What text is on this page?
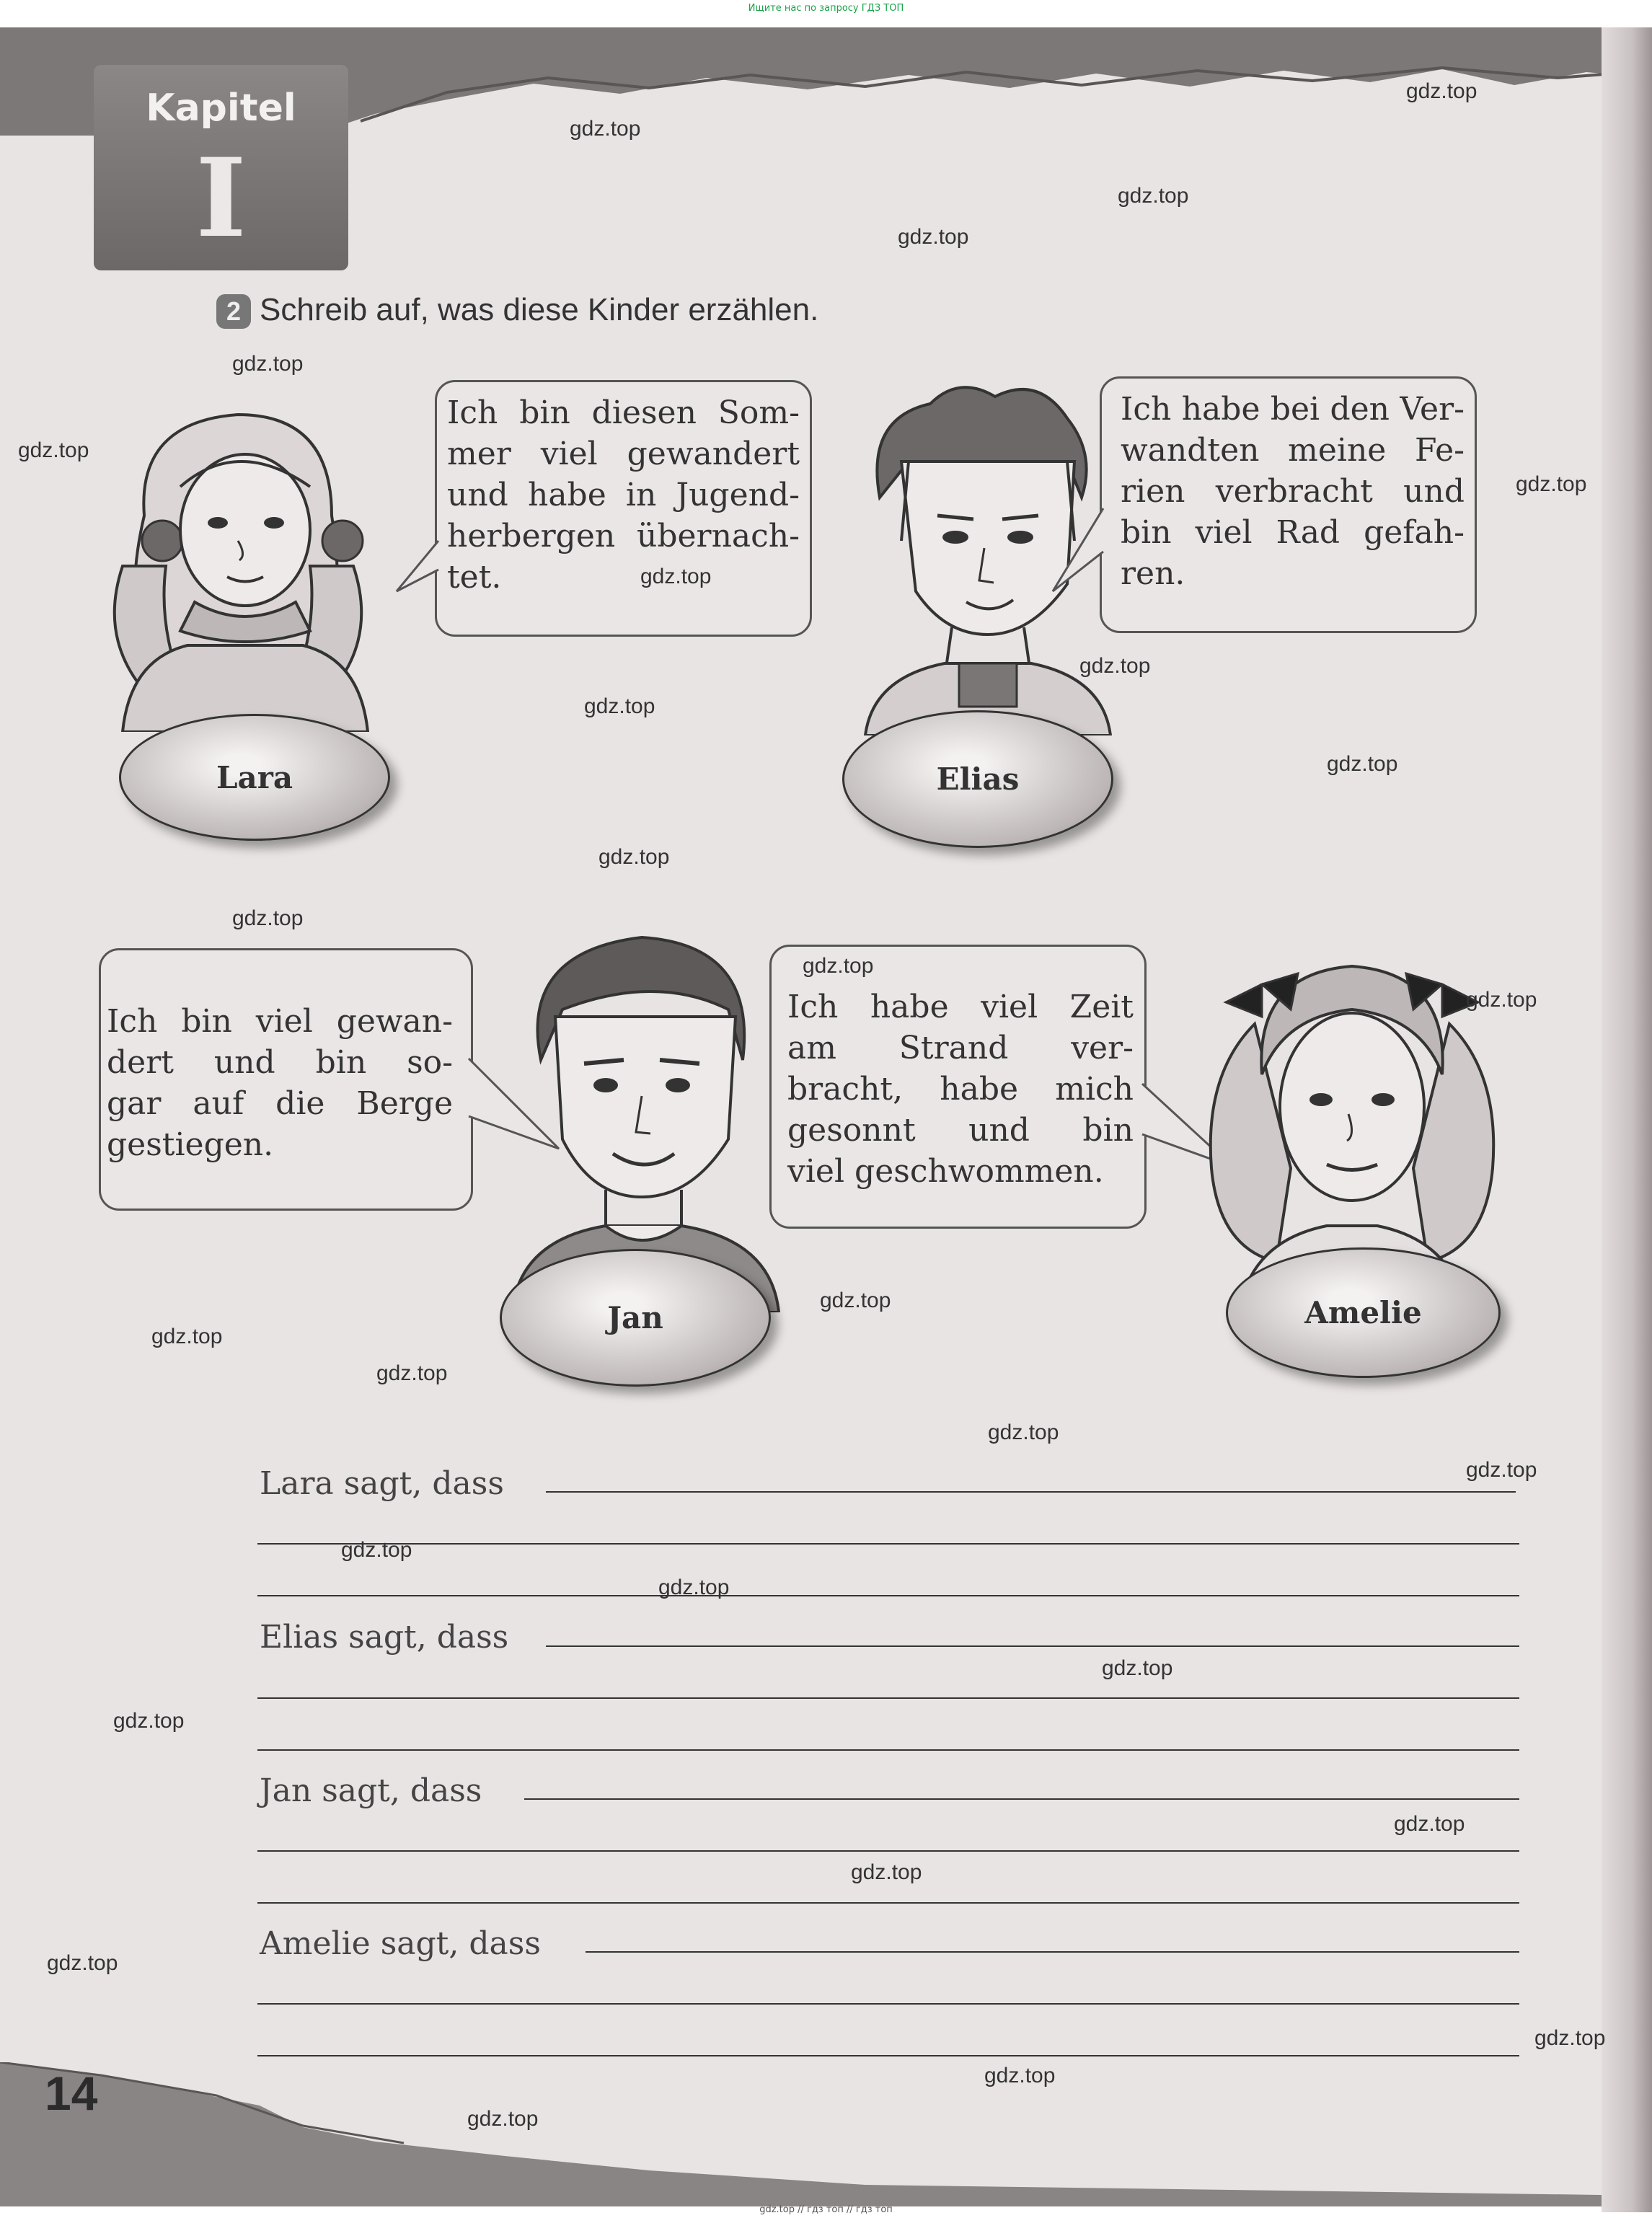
Ищите нас по запросу ГДЗ ТОП
Kapitel
I
2 Schreib auf, was diese Kinder erzählen.
Lara
Ich bin diesen Som-
mer viel gewandert
und habe in Jugend-
herbergen übernach-
tet.
Elias
Ich habe bei den Ver-
wandten meine Fe-
rien verbracht und
bin viel Rad gefah-
ren.
Ich bin viel gewan-
dert und bin so-
gar auf die Berge
gestiegen.
Jan
Ich habe viel Zeit
am Strand ver-
bracht, habe mich
gesonnt und bin
viel geschwommen.
Amelie
Lara sagt, dass
Elias sagt, dass
Jan sagt, dass
Amelie sagt, dass
14
gdz.top
gdz.top
gdz.top
gdz.top
gdz.top
gdz.top
gdz.top
gdz.top
gdz.top
gdz.top
gdz.top
gdz.top
gdz.top
gdz.top
gdz.top
gdz.top
gdz.top
gdz.top
gdz.top
gdz.top
gdz.top
gdz.top
gdz.top
gdz.top
gdz.top
gdz.top
gdz.top
gdz.top
gdz.top
gdz.top
gdz.top // гдз топ // гдз топ
